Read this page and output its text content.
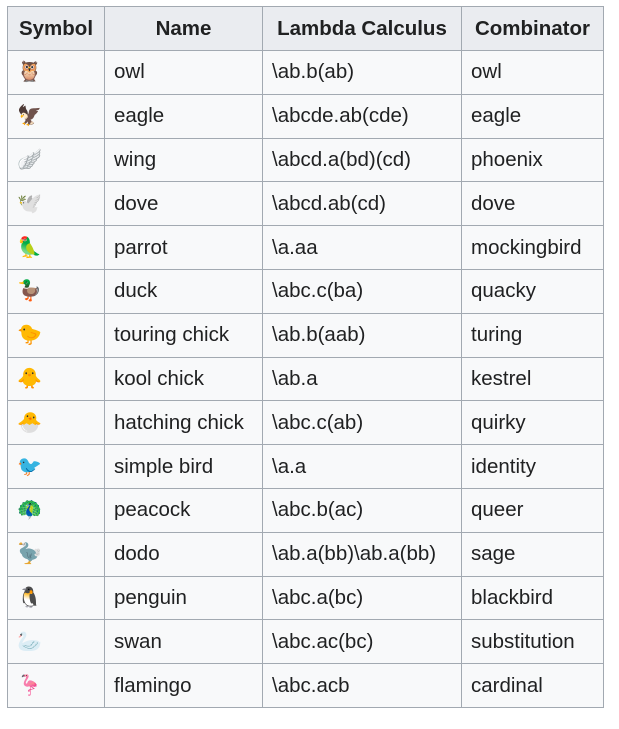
Symbol	Name	Lambda Calculus	Combinator
🦉	owl	\ab.b(ab)	owl
🦅	eagle	\abcde.ab(cde)	eagle
🪽	wing	\abcd.a(bd)(cd)	phoenix
🕊️	dove	\abcd.ab(cd)	dove
🦜	parrot	\a.aa	mockingbird
🦆	duck	\abc.c(ba)	quacky
🐤	touring chick	\ab.b(aab)	turing
🐥	kool chick	\ab.a	kestrel
🐣	hatching chick	\abc.c(ab)	quirky
🐦	simple bird	\a.a	identity
🦚	peacock	\abc.b(ac)	queer
🦤	dodo	\ab.a(bb)\ab.a(bb)	sage
🐧	penguin	\abc.a(bc)	blackbird
🦢	swan	\abc.ac(bc)	substitution
🦩	flamingo	\abc.acb	cardinal
